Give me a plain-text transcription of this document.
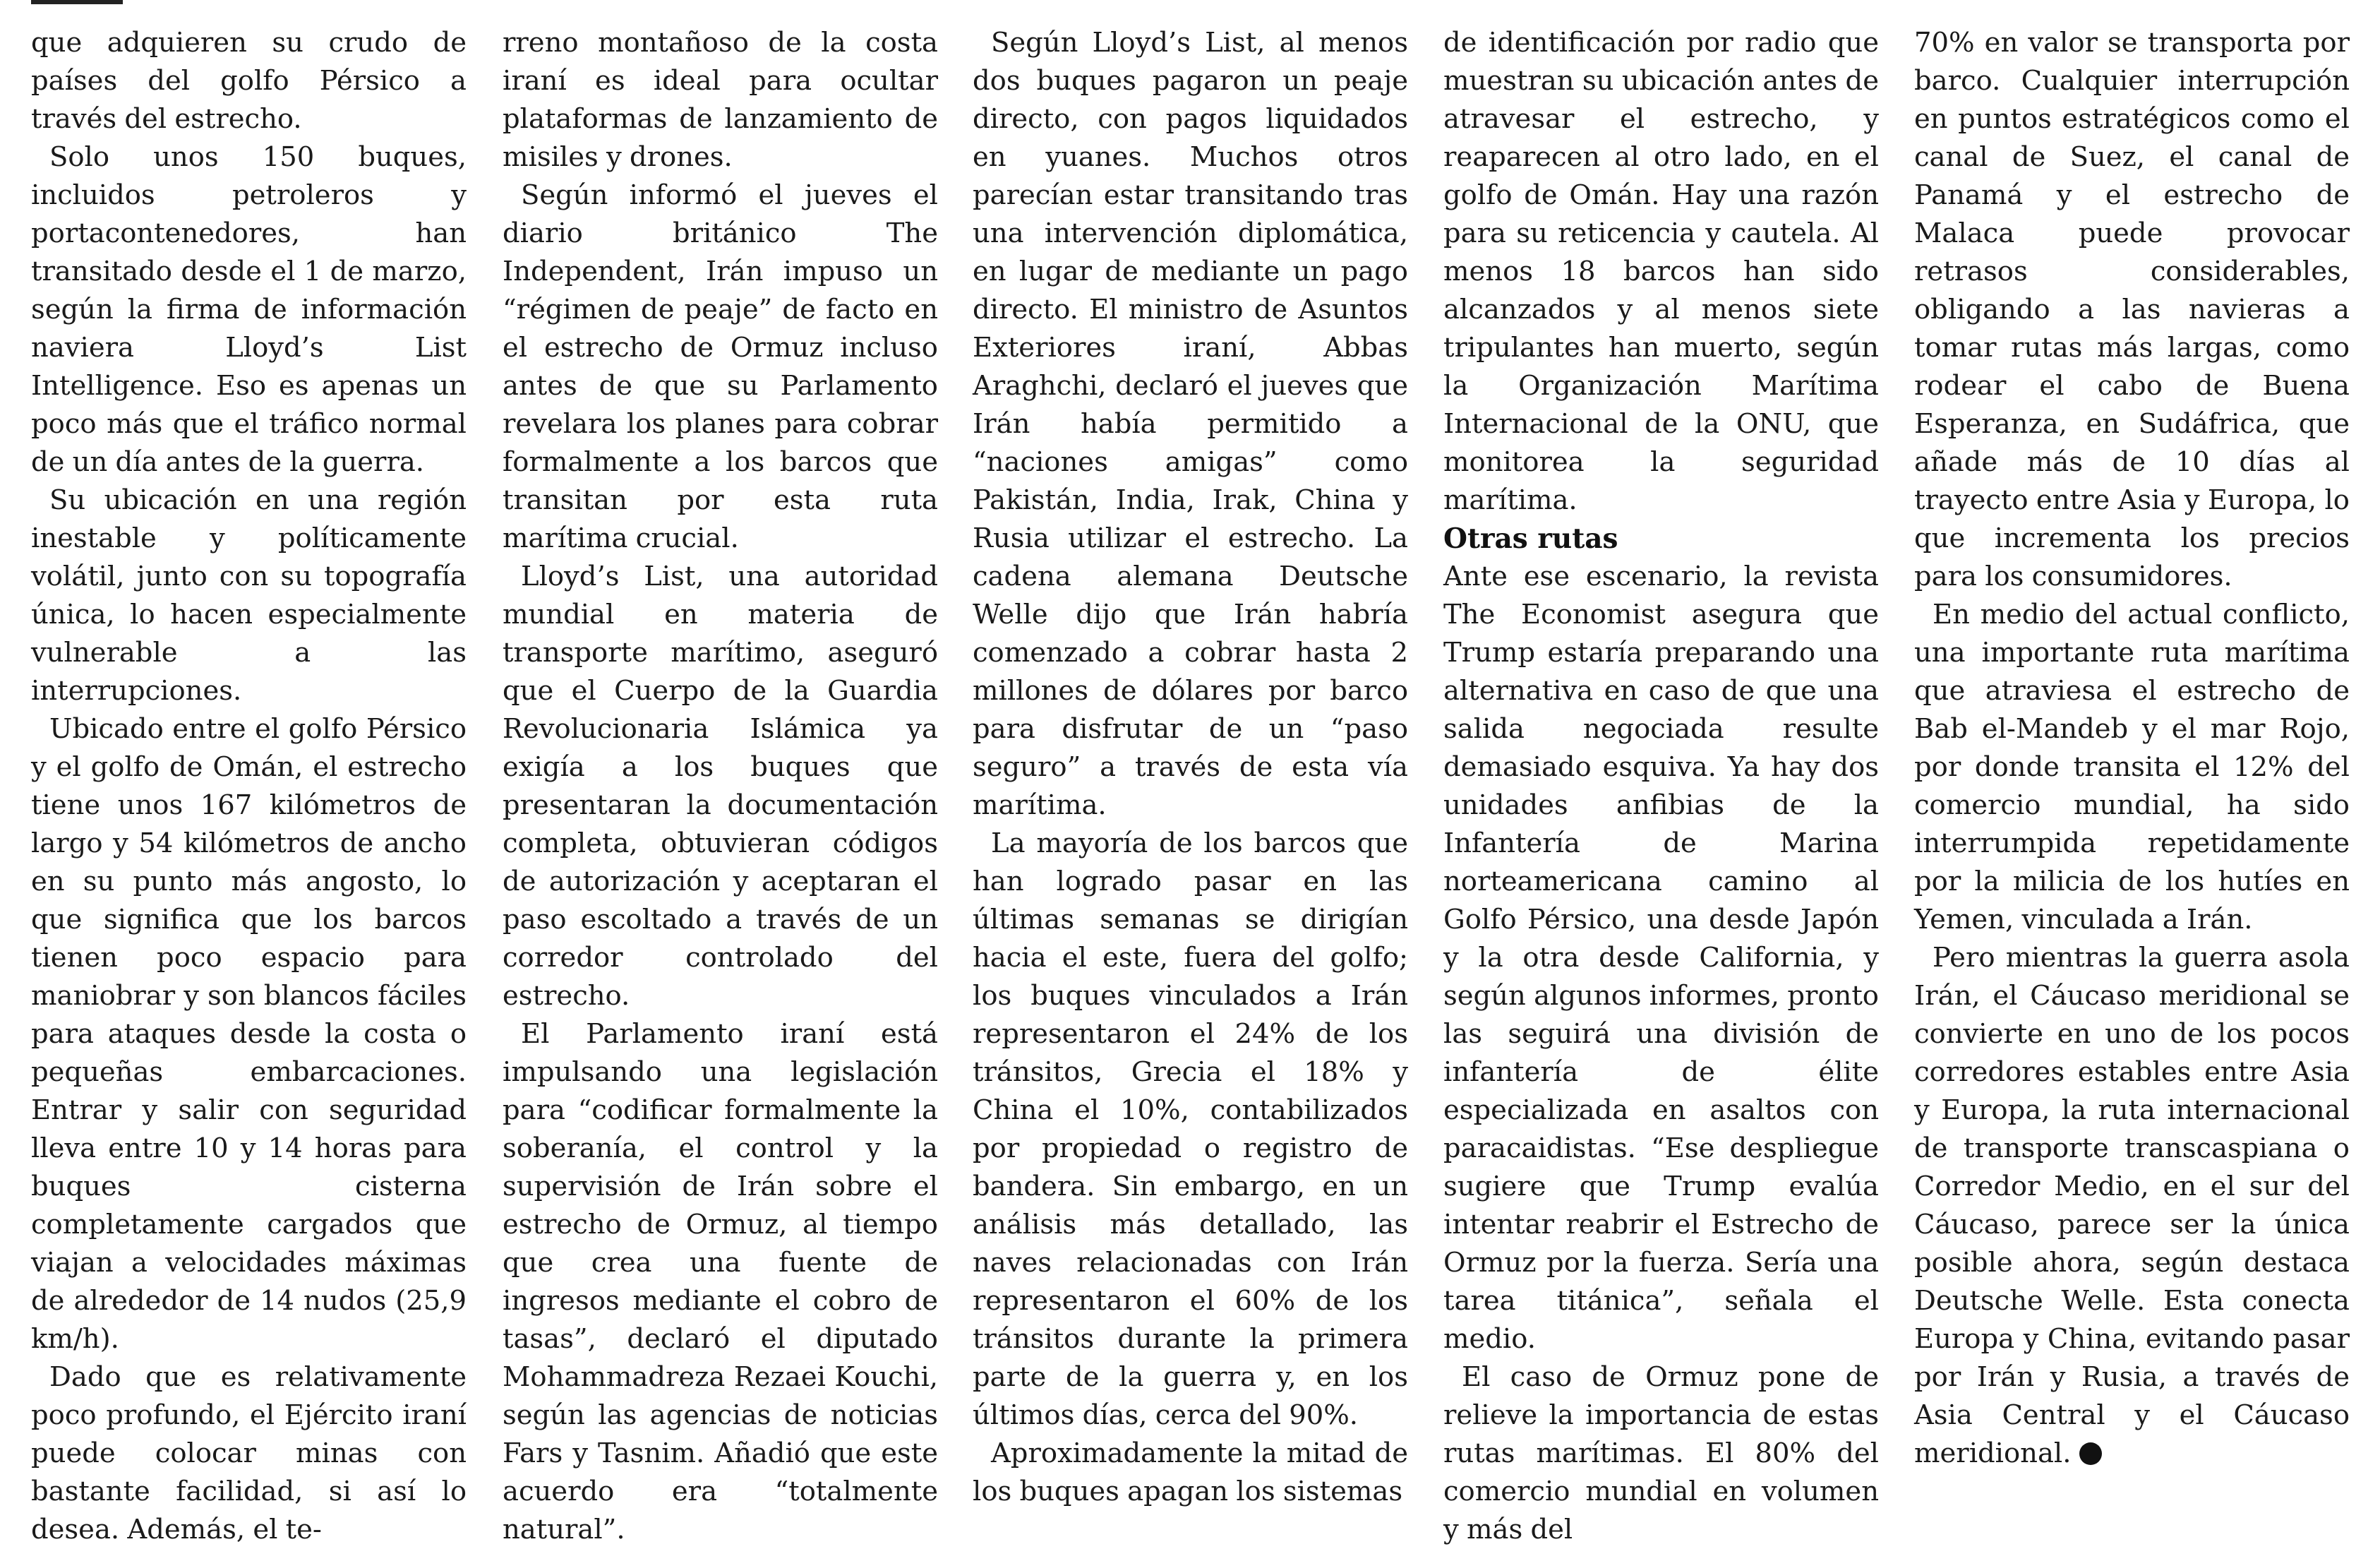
que adquieren su crudo de países del golfo Pérsico a través del estrecho.

Solo unos 150 buques, incluidos petroleros y portacontenedores, han transitado desde el 1 de marzo, según la firma de información naviera Lloyd’s List Intelligence. Eso es apenas un poco más que el tráfico normal de un día antes de la guerra.

Su ubicación en una región inestable y políticamente volátil, junto con su topografía única, lo hacen especialmente vulnerable a las interrupciones.

Ubicado entre el golfo Pérsico y el golfo de Omán, el estrecho tiene unos 167 kilómetros de largo y 54 kilómetros de ancho en su punto más angosto, lo que significa que los barcos tienen poco espacio para maniobrar y son blancos fáciles para ataques desde la costa o pequeñas embarcaciones. Entrar y salir con seguridad lleva entre 10 y 14 horas para buques cisterna completamente cargados que viajan a velocidades máximas de alrededor de 14 nudos (25,9 km/h).

Dado que es relativamente poco profundo, el Ejército iraní puede colocar minas con bastante facilidad, si así lo desea. Además, el te-

rreno montañoso de la costa iraní es ideal para ocultar plataformas de lanzamiento de misiles y drones.

Según informó el jueves el diario británico The Independent, Irán impuso un “régimen de peaje” de facto en el estrecho de Ormuz incluso antes de que su Parlamento revelara los planes para cobrar formalmente a los barcos que transitan por esta ruta marítima crucial.

Lloyd’s List, una autoridad mundial en materia de transporte marítimo, aseguró que el Cuerpo de la Guardia Revolucionaria Islámica ya exigía a los buques que presentaran la documentación completa, obtuvieran códigos de autorización y aceptaran el paso escoltado a través de un corredor controlado del estrecho.

El Parlamento iraní está impulsando una legislación para “codificar formalmente la soberanía, el control y la supervisión de Irán sobre el estrecho de Ormuz, al tiempo que crea una fuente de ingresos mediante el cobro de tasas”, declaró el diputado Mohammadreza Rezaei Kouchi, según las agencias de noticias Fars y Tasnim. Añadió que este acuerdo era “totalmente natural”.

Según Lloyd’s List, al menos dos buques pagaron un peaje directo, con pagos liquidados en yuanes. Muchos otros parecían estar transitando tras una intervención diplomática, en lugar de mediante un pago directo. El ministro de Asuntos Exteriores iraní, Abbas Araghchi, declaró el jueves que Irán había permitido a “naciones amigas” como Pakistán, India, Irak, China y Rusia utilizar el estrecho. La cadena alemana Deutsche Welle dijo que Irán habría comenzado a cobrar hasta 2 millones de dólares por barco para disfrutar de un “paso seguro” a través de esta vía marítima.

La mayoría de los barcos que han logrado pasar en las últimas semanas se dirigían hacia el este, fuera del golfo; los buques vinculados a Irán representaron el 24% de los tránsitos, Grecia el 18% y China el 10%, contabilizados por propiedad o registro de bandera. Sin embargo, en un análisis más detallado, las naves relacionadas con Irán representaron el 60% de los tránsitos durante la primera parte de la guerra y, en los últimos días, cerca del 90%.

Aproximadamente la mitad de los buques apagan los sistemas

de identificación por radio que muestran su ubicación antes de atravesar el estrecho, y reaparecen al otro lado, en el golfo de Omán. Hay una razón para su reticencia y cautela. Al menos 18 barcos han sido alcanzados y al menos siete tripulantes han muerto, según la Organización Marítima Internacional de la ONU, que monitorea la seguridad marítima.

Otras rutas

Ante ese escenario, la revista The Economist asegura que Trump estaría preparando una alternativa en caso de que una salida negociada resulte demasiado esquiva. Ya hay dos unidades anfibias de la Infantería de Marina norteamericana camino al Golfo Pérsico, una desde Japón y la otra desde California, y según algunos informes, pronto las seguirá una división de infantería de élite especializada en asaltos con paracaidistas. “Ese despliegue sugiere que Trump evalúa intentar reabrir el Estrecho de Ormuz por la fuerza. Sería una tarea titánica”, señala el medio.

El caso de Ormuz pone de relieve la importancia de estas rutas marítimas. El 80% del comercio mundial en volumen y más del

70% en valor se transporta por barco. Cualquier interrupción en puntos estratégicos como el canal de Suez, el canal de Panamá y el estrecho de Malaca puede provocar retrasos considerables, obligando a las navieras a tomar rutas más largas, como rodear el cabo de Buena Esperanza, en Sudáfrica, que añade más de 10 días al trayecto entre Asia y Europa, lo que incrementa los precios para los consumidores.

En medio del actual conflicto, una importante ruta marítima que atraviesa el estrecho de Bab el-Mandeb y el mar Rojo, por donde transita el 12% del comercio mundial, ha sido interrumpida repetidamente por la milicia de los hutíes en Yemen, vinculada a Irán.

Pero mientras la guerra asola Irán, el Cáucaso meridional se convierte en uno de los pocos corredores estables entre Asia y Europa, la ruta internacional de transporte transcaspiana o Corredor Medio, en el sur del Cáucaso, parece ser la única posible ahora, según destaca Deutsche Welle. Esta conecta Europa y China, evitando pasar por Irán y Rusia, a través de Asia Central y el Cáucaso meridional.
